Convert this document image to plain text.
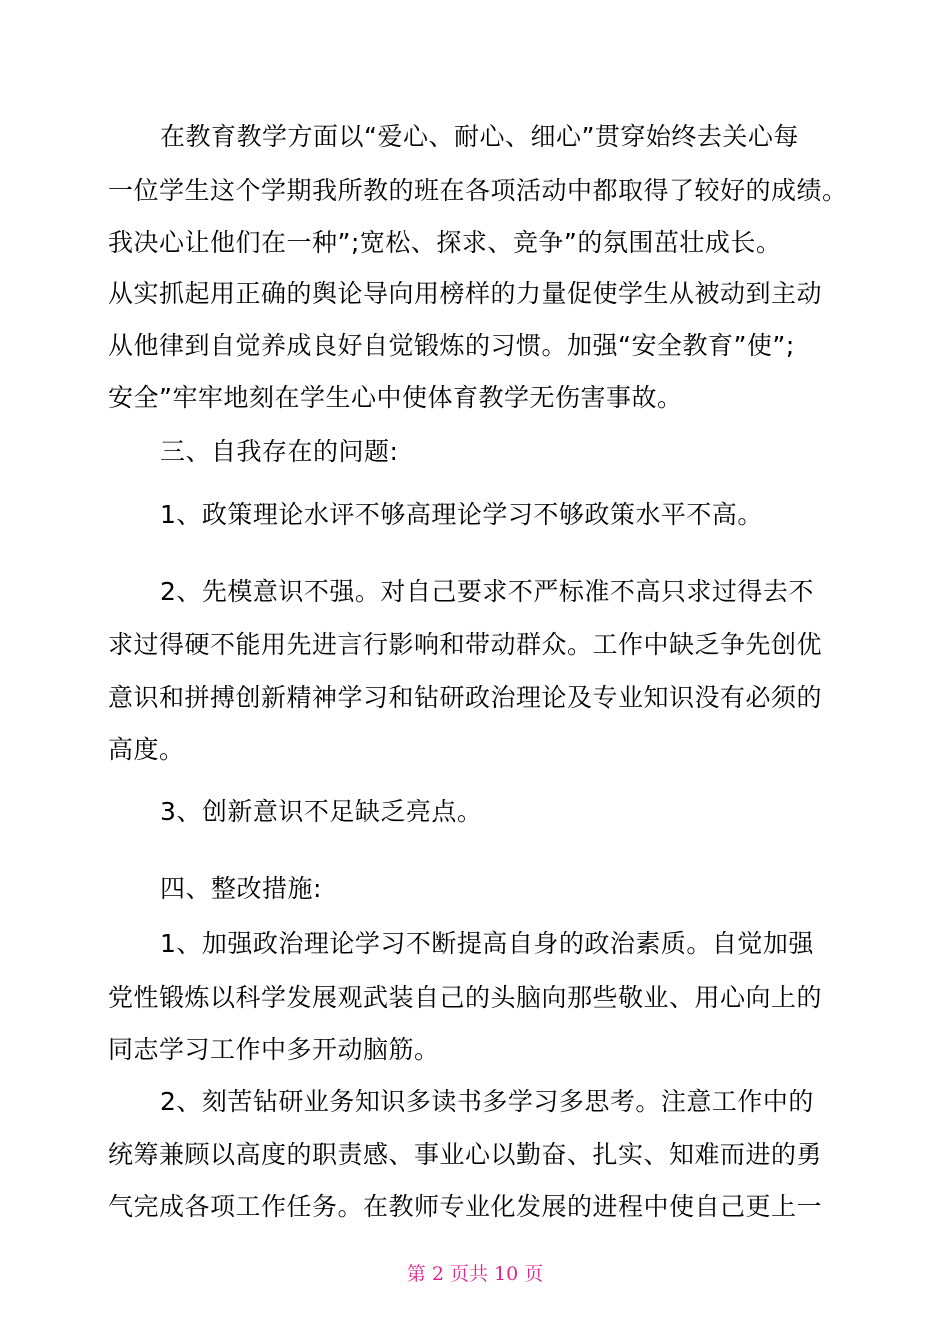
在教育教学方面以“爱心、耐心、细心”贯穿始终去关心每
一位学生这个学期我所教的班在各项活动中都取得了较好的成绩。
我决心让他们在一种”;宽松、探求、竞争”的氛围茁壮成长。
从实抓起用正确的舆论导向用榜样的力量促使学生从被动到主动
从他律到自觉养成良好自觉锻炼的习惯。加强“安全教育”使”;
安全”牢牢地刻在学生心中使体育教学无伤害事故。
三、自我存在的问题:
1、政策理论水评不够高理论学习不够政策水平不高。
2、先模意识不强。对自己要求不严标准不高只求过得去不
求过得硬不能用先进言行影响和带动群众。工作中缺乏争先创优
意识和拼搏创新精神学习和钻研政治理论及专业知识没有必须的
高度。
3、创新意识不足缺乏亮点。
四、整改措施:
1、加强政治理论学习不断提高自身的政治素质。自觉加强
党性锻炼以科学发展观武装自己的头脑向那些敬业、用心向上的
同志学习工作中多开动脑筋。
2、刻苦钻研业务知识多读书多学习多思考。注意工作中的
统筹兼顾以高度的职责感、事业心以勤奋、扎实、知难而进的勇
气完成各项工作任务。在教师专业化发展的进程中使自己更上一
第 2 页共 10 页
